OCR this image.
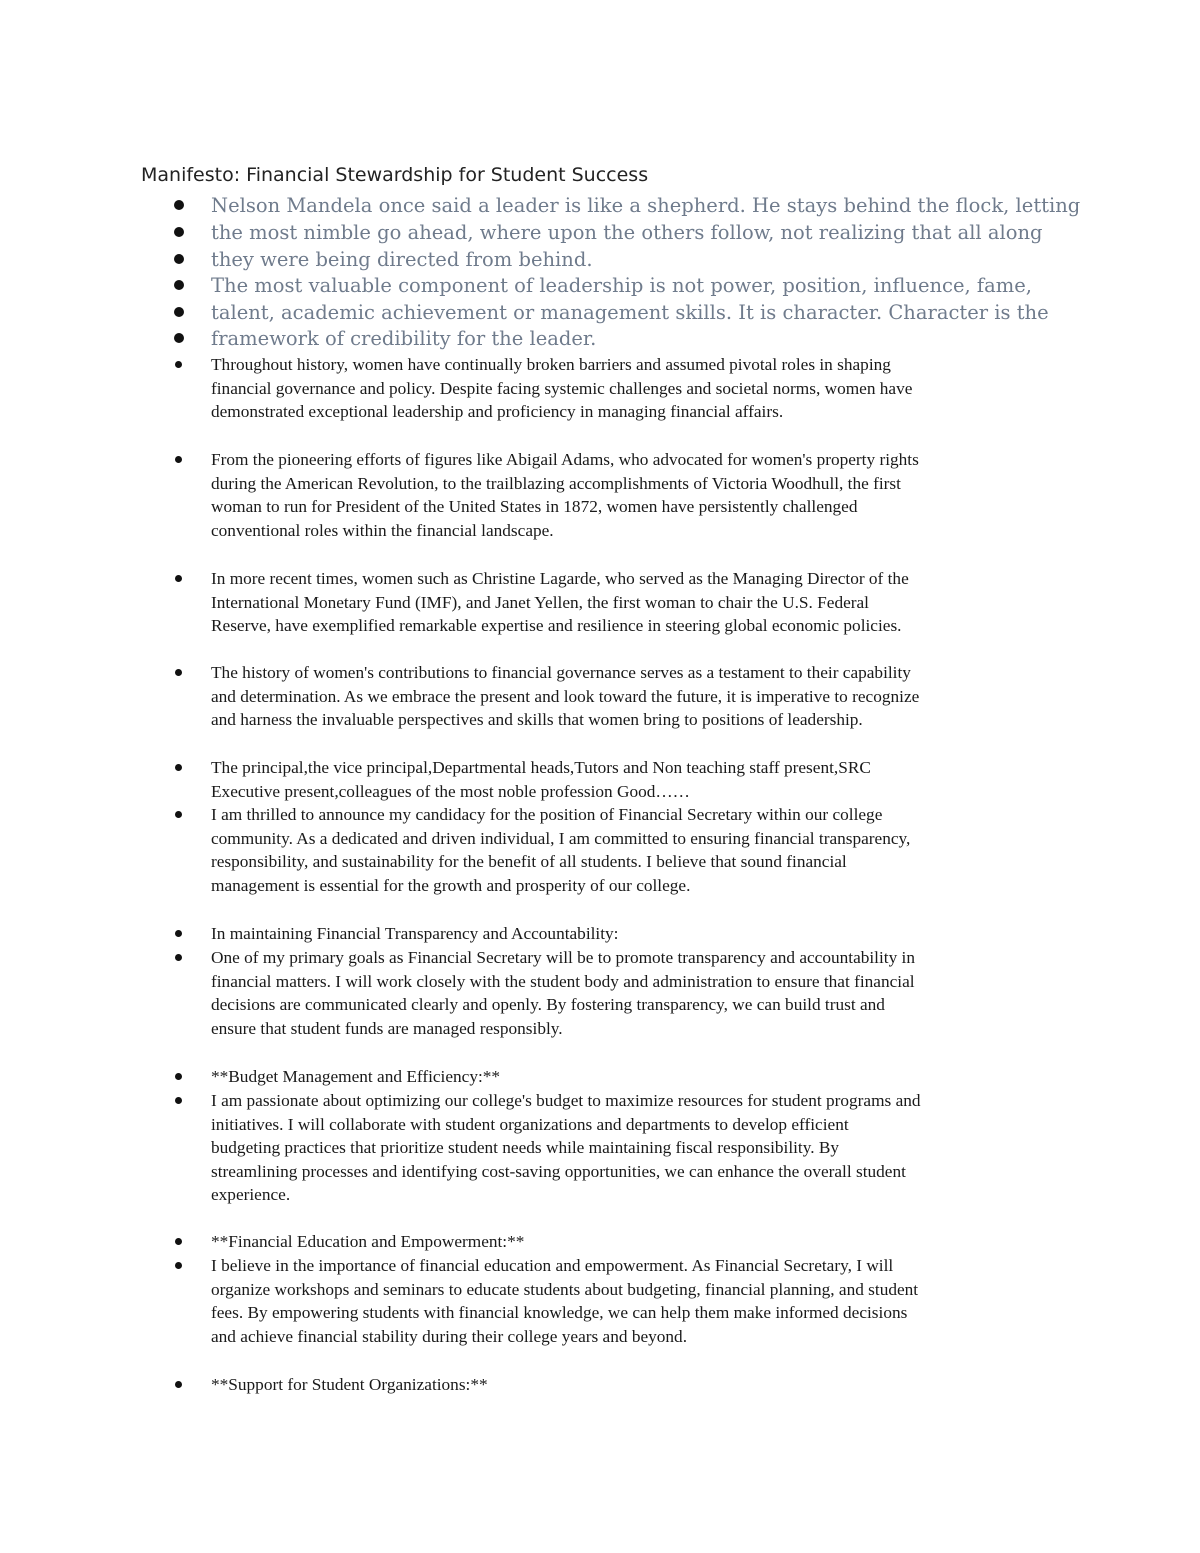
Manifesto: Financial Stewardship for Student Success
Nelson Mandela once said a leader is like a shepherd. He stays behind the flock, letting
the most nimble go ahead, where upon the others follow, not realizing that all along
they were being directed from behind.
The most valuable component of leadership is not power, position, influence, fame,
talent, academic achievement or management skills. It is character. Character is the
framework of credibility for the leader.
Throughout history, women have continually broken barriers and assumed pivotal roles in shaping
financial governance and policy. Despite facing systemic challenges and societal norms, women have
demonstrated exceptional leadership and proficiency in managing financial affairs.
From the pioneering efforts of figures like Abigail Adams, who advocated for women's property rights
during the American Revolution, to the trailblazing accomplishments of Victoria Woodhull, the first
woman to run for President of the United States in 1872, women have persistently challenged
conventional roles within the financial landscape.
In more recent times, women such as Christine Lagarde, who served as the Managing Director of the
International Monetary Fund (IMF), and Janet Yellen, the first woman to chair the U.S. Federal
Reserve, have exemplified remarkable expertise and resilience in steering global economic policies.
The history of women's contributions to financial governance serves as a testament to their capability
and determination. As we embrace the present and look toward the future, it is imperative to recognize
and harness the invaluable perspectives and skills that women bring to positions of leadership.
The principal,the vice principal,Departmental heads,Tutors and Non teaching staff present,SRC
Executive present,colleagues of the most noble profession Good……
I am thrilled to announce my candidacy for the position of Financial Secretary within our college
community. As a dedicated and driven individual, I am committed to ensuring financial transparency,
responsibility, and sustainability for the benefit of all students. I believe that sound financial
management is essential for the growth and prosperity of our college.
In maintaining Financial Transparency and Accountability:
One of my primary goals as Financial Secretary will be to promote transparency and accountability in
financial matters. I will work closely with the student body and administration to ensure that financial
decisions are communicated clearly and openly. By fostering transparency, we can build trust and
ensure that student funds are managed responsibly.
**Budget Management and Efficiency:**
I am passionate about optimizing our college's budget to maximize resources for student programs and
initiatives. I will collaborate with student organizations and departments to develop efficient
budgeting practices that prioritize student needs while maintaining fiscal responsibility. By
streamlining processes and identifying cost-saving opportunities, we can enhance the overall student
experience.
**Financial Education and Empowerment:**
I believe in the importance of financial education and empowerment. As Financial Secretary, I will
organize workshops and seminars to educate students about budgeting, financial planning, and student
fees. By empowering students with financial knowledge, we can help them make informed decisions
and achieve financial stability during their college years and beyond.
**Support for Student Organizations:**
